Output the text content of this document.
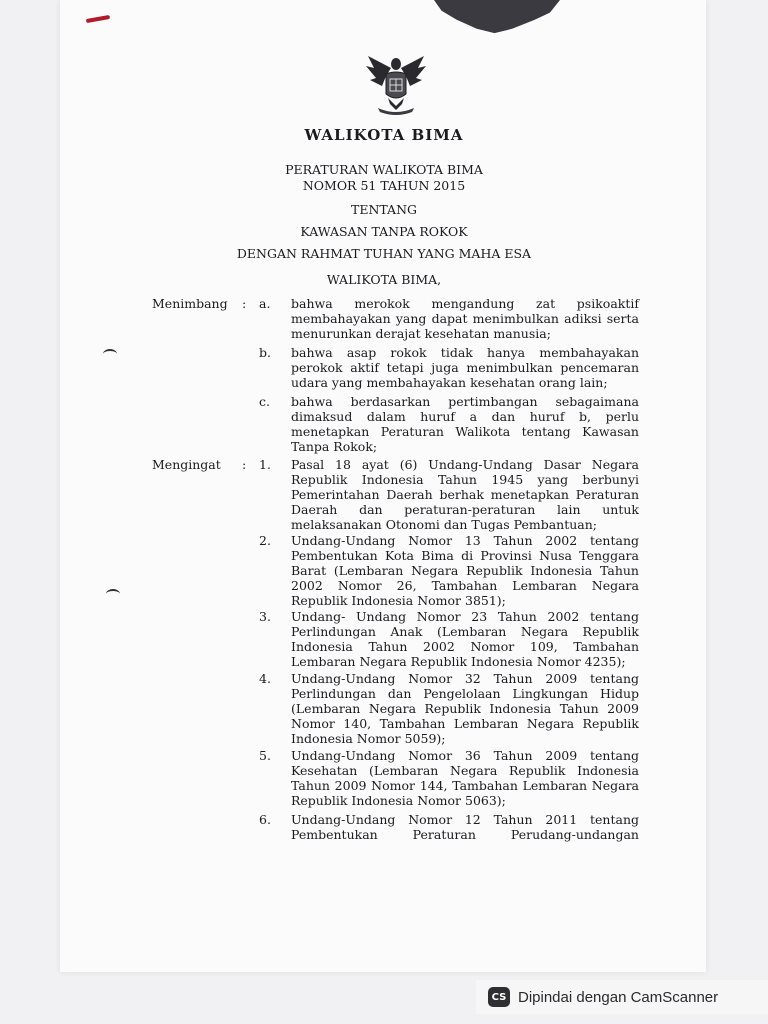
WALIKOTA BIMA
PERATURAN WALIKOTA BIMA
NOMOR 51 TAHUN 2015
TENTANG
KAWASAN TANPA ROKOK
DENGAN RAHMAT TUHAN YANG MAHA ESA
WALIKOTA BIMA,
Menimbang : a.	bahwa merokok mengandung zat psikoaktif membahayakan yang dapat menimbulkan adiksi serta menurunkan derajat kesehatan manusia;
b.	bahwa asap rokok tidak hanya membahayakan perokok aktif tetapi juga menimbulkan pencemaran udara yang membahayakan kesehatan orang lain;
c.	bahwa berdasarkan pertimbangan sebagaimana dimaksud dalam huruf a dan huruf b, perlu menetapkan Peraturan Walikota tentang Kawasan Tanpa Rokok;
Mengingat : 1.	Pasal 18 ayat (6) Undang-Undang Dasar Negara Republik Indonesia Tahun 1945 yang berbunyi Pemerintahan Daerah berhak menetapkan Peraturan Daerah dan peraturan-peraturan lain untuk melaksanakan Otonomi dan Tugas Pembantuan;
2.	Undang-Undang Nomor 13 Tahun 2002 tentang Pembentukan Kota Bima di Provinsi Nusa Tenggara Barat (Lembaran Negara Republik Indonesia Tahun 2002 Nomor 26, Tambahan Lembaran Negara Republik Indonesia Nomor 3851);
3.	Undang- Undang Nomor 23 Tahun 2002 tentang Perlindungan Anak (Lembaran Negara Republik Indonesia Tahun 2002 Nomor 109, Tambahan Lembaran Negara Republik Indonesia Nomor 4235);
4.	Undang-Undang Nomor 32 Tahun 2009 tentang Perlindungan dan Pengelolaan Lingkungan Hidup (Lembaran Negara Republik Indonesia Tahun 2009 Nomor 140, Tambahan Lembaran Negara Republik Indonesia Nomor 5059);
5.	Undang-Undang Nomor 36 Tahun 2009 tentang Kesehatan (Lembaran Negara Republik Indonesia Tahun 2009 Nomor 144, Tambahan Lembaran Negara Republik Indonesia Nomor 5063);
6.	Undang-Undang Nomor 12 Tahun 2011 tentang Pembentukan Peraturan Perudang-undangan
CS Dipindai dengan CamScanner
